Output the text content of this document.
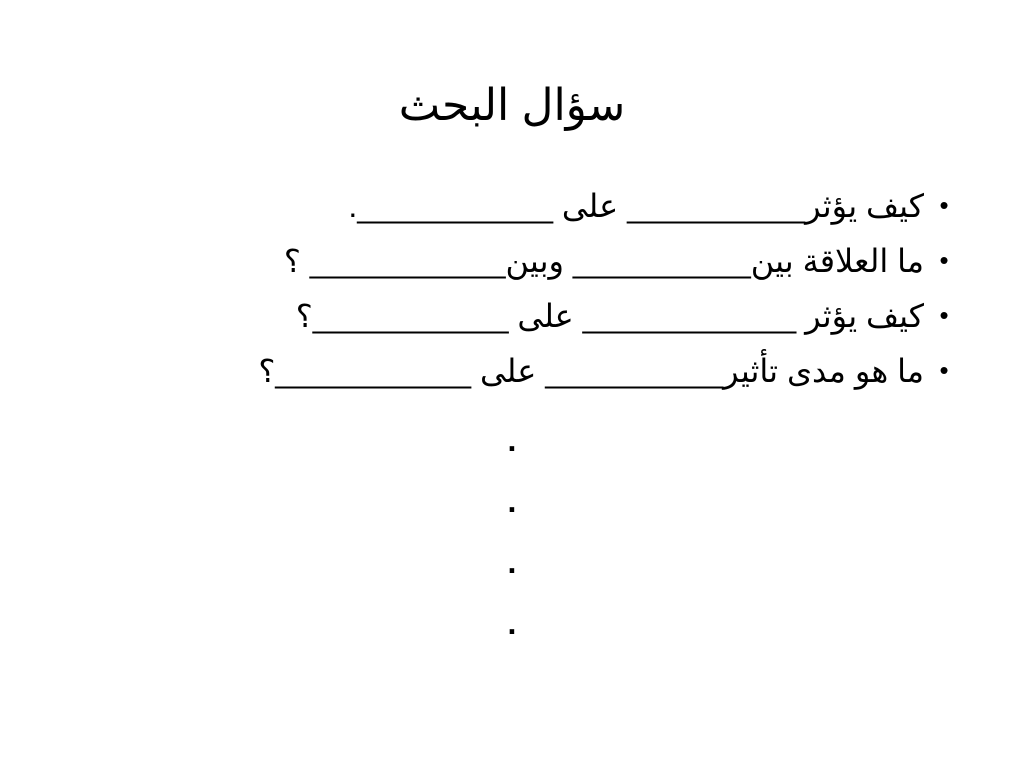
سؤال البحث
•
كيف يؤثر__________ على ___________.
•
ما العلاقة بين__________ وبين___________ ؟
•
كيف يؤثر ____________ على ___________؟
•
ما هو مدى تأثير__________ على ___________؟
.
.
.
.
